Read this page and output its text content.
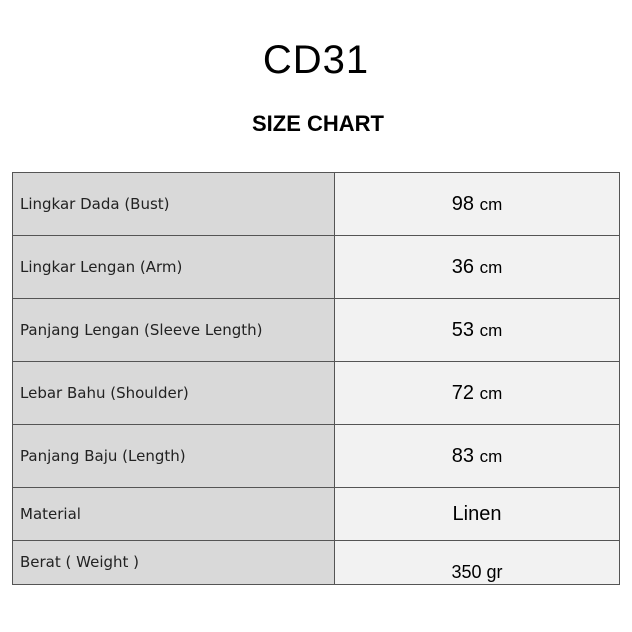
CD31
SIZE CHART
Lingkar Dada (Bust)	98 cm
Lingkar Lengan (Arm)	36 cm
Panjang Lengan (Sleeve Length)	53 cm
Lebar Bahu (Shoulder)	72 cm
Panjang Baju (Length)	83 cm
Material	Linen
Berat ( Weight )	350 gr
